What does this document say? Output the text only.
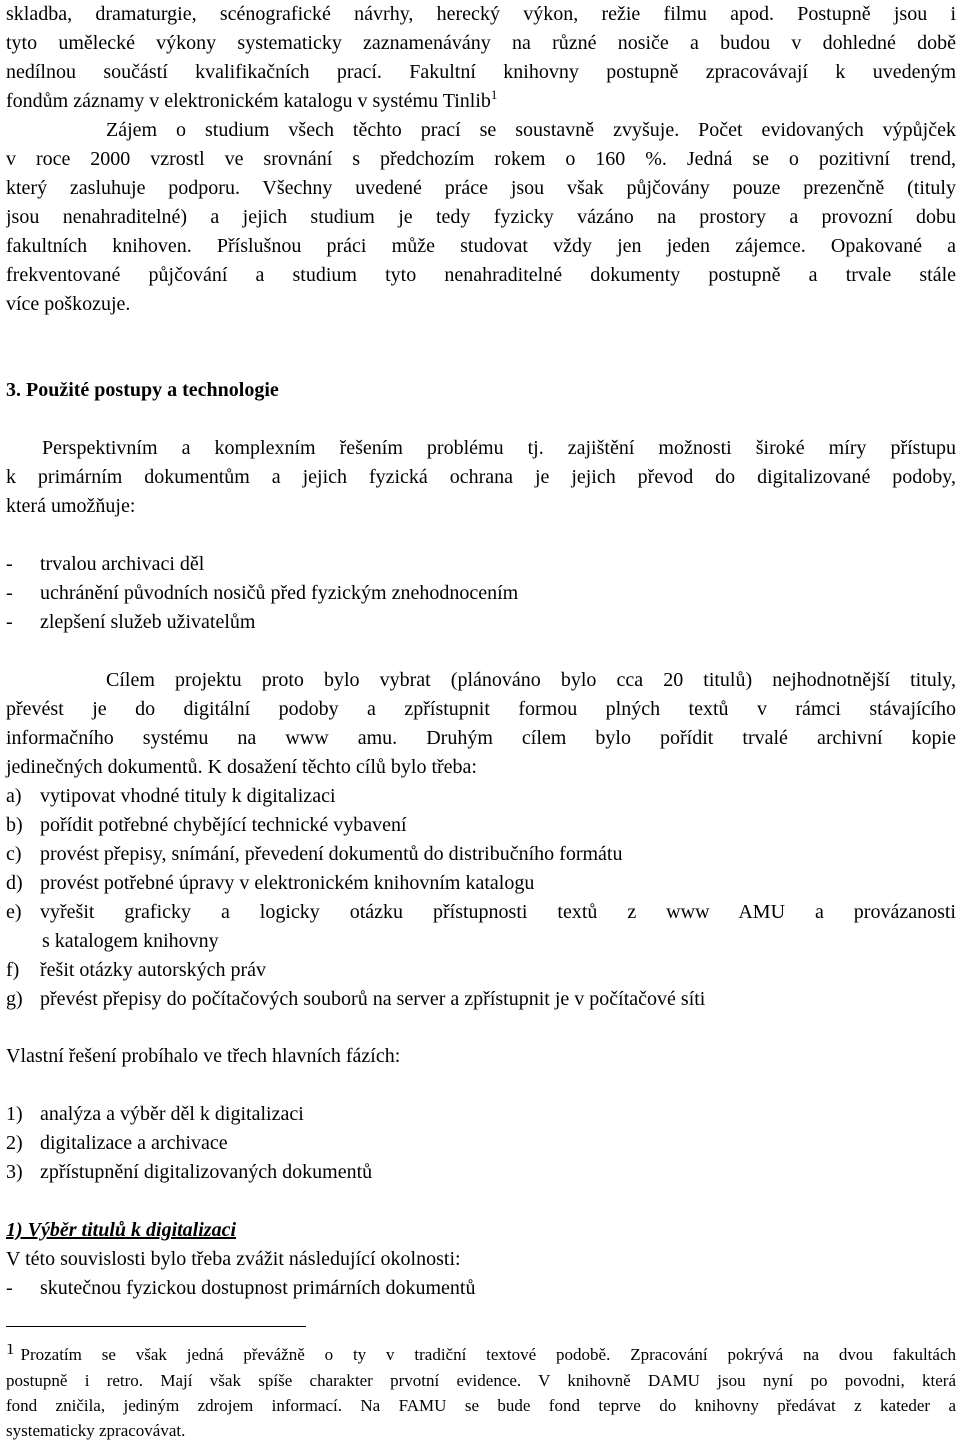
skladba, dramaturgie, scénografické návrhy, herecký výkon, režie filmu apod. Postupně jsou i
tyto umělecké výkony systematicky zaznamenávány na různé nosiče a budou v dohledné době
nedílnou součástí kvalifikačních prací. Fakultní knihovny postupně zpracovávají k uvedeným
fondům záznamy v elektronickém katalogu v systému Tinlib$^1$
Zájem o studium všech těchto prací se soustavně zvyšuje. Počet evidovaných výpůjček
v roce 2000 vzrostl ve srovnání s předchozím rokem o 160 %. Jedná se o pozitivní trend,
který zasluhuje podporu. Všechny uvedené práce jsou však půjčovány pouze prezenčně (tituly
jsou nenahraditelné) a jejich studium je tedy fyzicky vázáno na prostory a provozní dobu
fakultních knihoven. Příslušnou práci může studovat vždy jen jeden zájemce. Opakované a
frekventované půjčování a studium tyto nenahraditelné dokumenty postupně a trvale stále
více poškozuje.
3. Použité postupy a technologie
Perspektivním a komplexním řešením problému tj. zajištění možnosti široké míry přístupu
k primárním dokumentům a jejich fyzická ochrana je jejich převod do digitalizované podoby,
která umožňuje:
- trvalou archivaci děl
- uchránění původních nosičů před fyzickým znehodnocením
- zlepšení služeb uživatelům
Cílem projektu proto bylo vybrat (plánováno bylo cca 20 titulů) nejhodnotnější tituly,
převést je do digitální podoby a zpřístupnit formou plných textů v rámci stávajícího
informačního systému na www amu. Druhým cílem bylo pořídit trvalé archivní kopie
jedinečných dokumentů. K dosažení těchto cílů bylo třeba:
a) vytipovat vhodné tituly k digitalizaci
b) pořídit potřebné chybějící technické vybavení
c) provést přepisy, snímání, převedení dokumentů do distribučního formátu
d) provést potřebné úpravy v elektronickém knihovním katalogu
e) vyřešit graficky a logicky otázku přístupnosti textů z www AMU a provázanosti
s katalogem knihovny
f) řešit otázky autorských práv
g) převést přepisy do počítačových souborů na server a zpřístupnit je v počítačové síti
Vlastní řešení probíhalo ve třech hlavních fázích:
1) analýza a výběr děl k digitalizaci
2) digitalizace a archivace
3) zpřístupnění digitalizovaných dokumentů
1) Výběr titulů k digitalizaci
V této souvislosti bylo třeba zvážit následující okolnosti:
- skutečnou fyzickou dostupnost primárních dokumentů
1 Prozatím se však jedná převážně o ty v tradiční textové podobě. Zpracování pokrývá na dvou fakultách
postupně i retro. Mají však spíše charakter prvotní evidence. V knihovně DAMU jsou nyní po povodni, která
fond zničila, jediným zdrojem informací. Na FAMU se bude fond teprve do knihovny předávat z kateder a
systematicky zpracovávat.
